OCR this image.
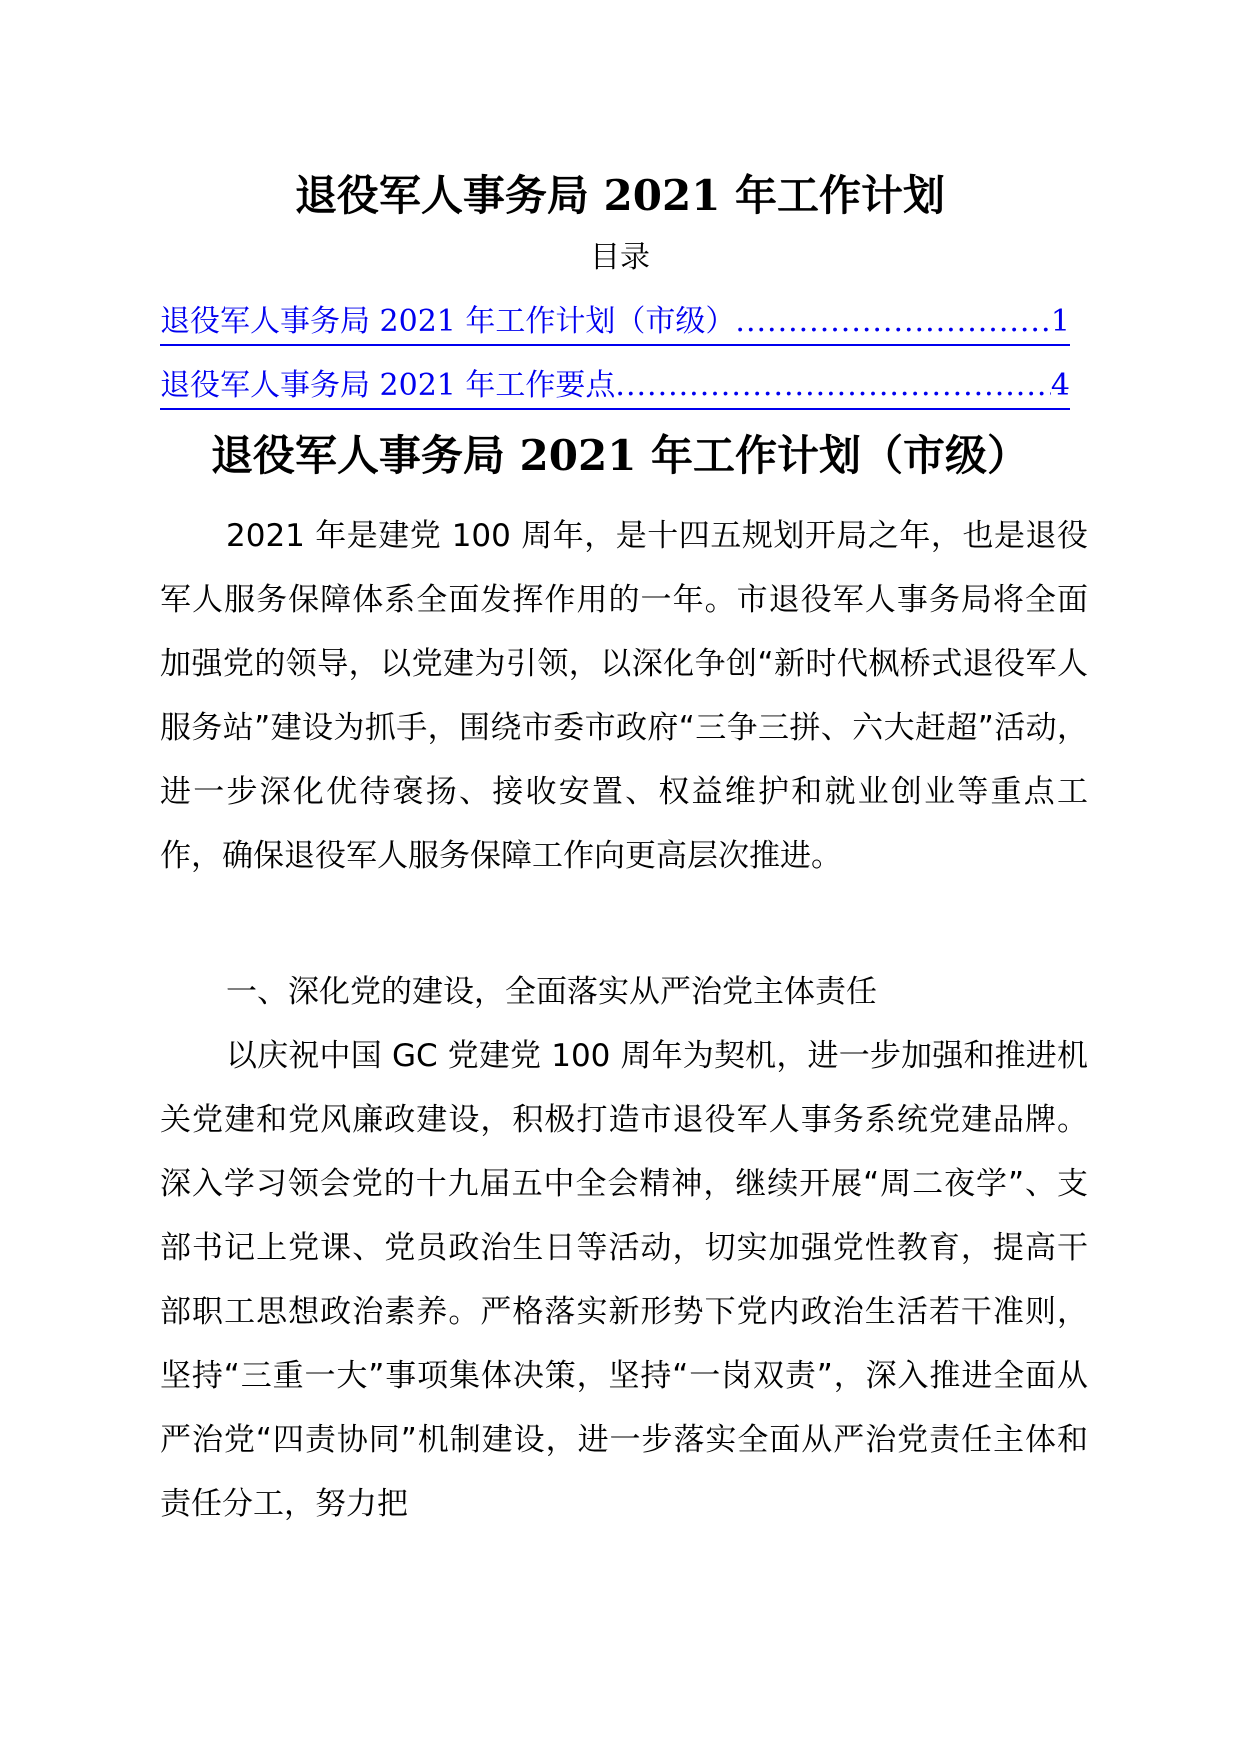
退役军人事务局 2021 年工作计划
目录
退役军人事务局 2021 年工作计划（市级） .....	1
退役军人事务局 2021 年工作要点 .....	4
退役军人事务局 2021 年工作计划（市级）
2021 年是建党 100 周年，是十四五规划开局之年，也是退役军人服务保障体系全面发挥作用的一年。市退役军人事务局将全面加强党的领导，以党建为引领，以深化争创“新时代枫桥式退役军人服务站”建设为抓手，围绕市委市政府“三争三拼、六大赶超”活动，进一步深化优待褒扬、接收安置、权益维护和就业创业等重点工作，确保退役军人服务保障工作向更高层次推进。
一、深化党的建设，全面落实从严治党主体责任
以庆祝中国 GC 党建党 100 周年为契机，进一步加强和推进机关党建和党风廉政建设，积极打造市退役军人事务系统党建品牌。深入学习领会党的十九届五中全会精神，继续开展“周二夜学”、支部书记上党课、党员政治生日等活动，切实加强党性教育，提高干部职工思想政治素养。严格落实新形势下党内政治生活若干准则，坚持“三重一大”事项集体决策，坚持“一岗双责”，深入推进全面从严治党“四责协同”机制建设，进一步落实全面从严治党责任主体和责任分工，努力把
